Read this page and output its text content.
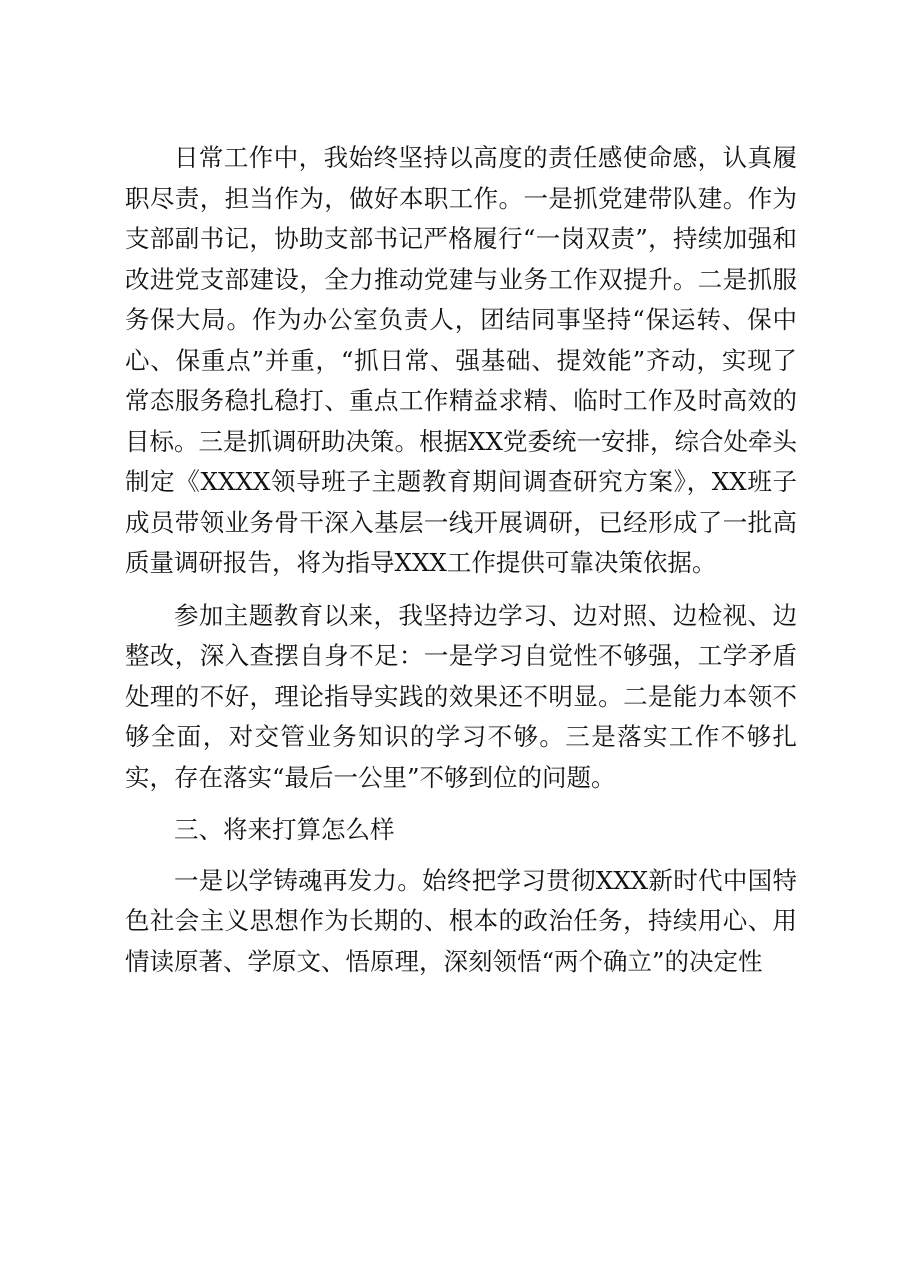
日常工作中，我始终坚持以高度的责任感使命感，认真履职尽责，担当作为，做好本职工作。一是抓党建带队建。作为支部副书记，协助支部书记严格履行“一岗双责”，持续加强和改进党支部建设，全力推动党建与业务工作双提升。二是抓服务保大局。作为办公室负责人，团结同事坚持“保运转、保中心、保重点”并重，“抓日常、强基础、提效能”齐动，实现了常态服务稳扎稳打、重点工作精益求精、临时工作及时高效的目标。三是抓调研助决策。根据XX党委统一安排，综合处牵头制定《XXXX领导班子主题教育期间调查研究方案》，XX班子成员带领业务骨干深入基层一线开展调研，已经形成了一批高质量调研报告，将为指导XXX工作提供可靠决策依据。

参加主题教育以来，我坚持边学习、边对照、边检视、边整改，深入查摆自身不足：一是学习自觉性不够强，工学矛盾处理的不好，理论指导实践的效果还不明显。二是能力本领不够全面，对交管业务知识的学习不够。三是落实工作不够扎实，存在落实“最后一公里”不够到位的问题。

三、将来打算怎么样

一是以学铸魂再发力。始终把学习贯彻XXX新时代中国特色社会主义思想作为长期的、根本的政治任务，持续用心、用情读原著、学原文、悟原理，深刻领悟“两个确立”的决定性
